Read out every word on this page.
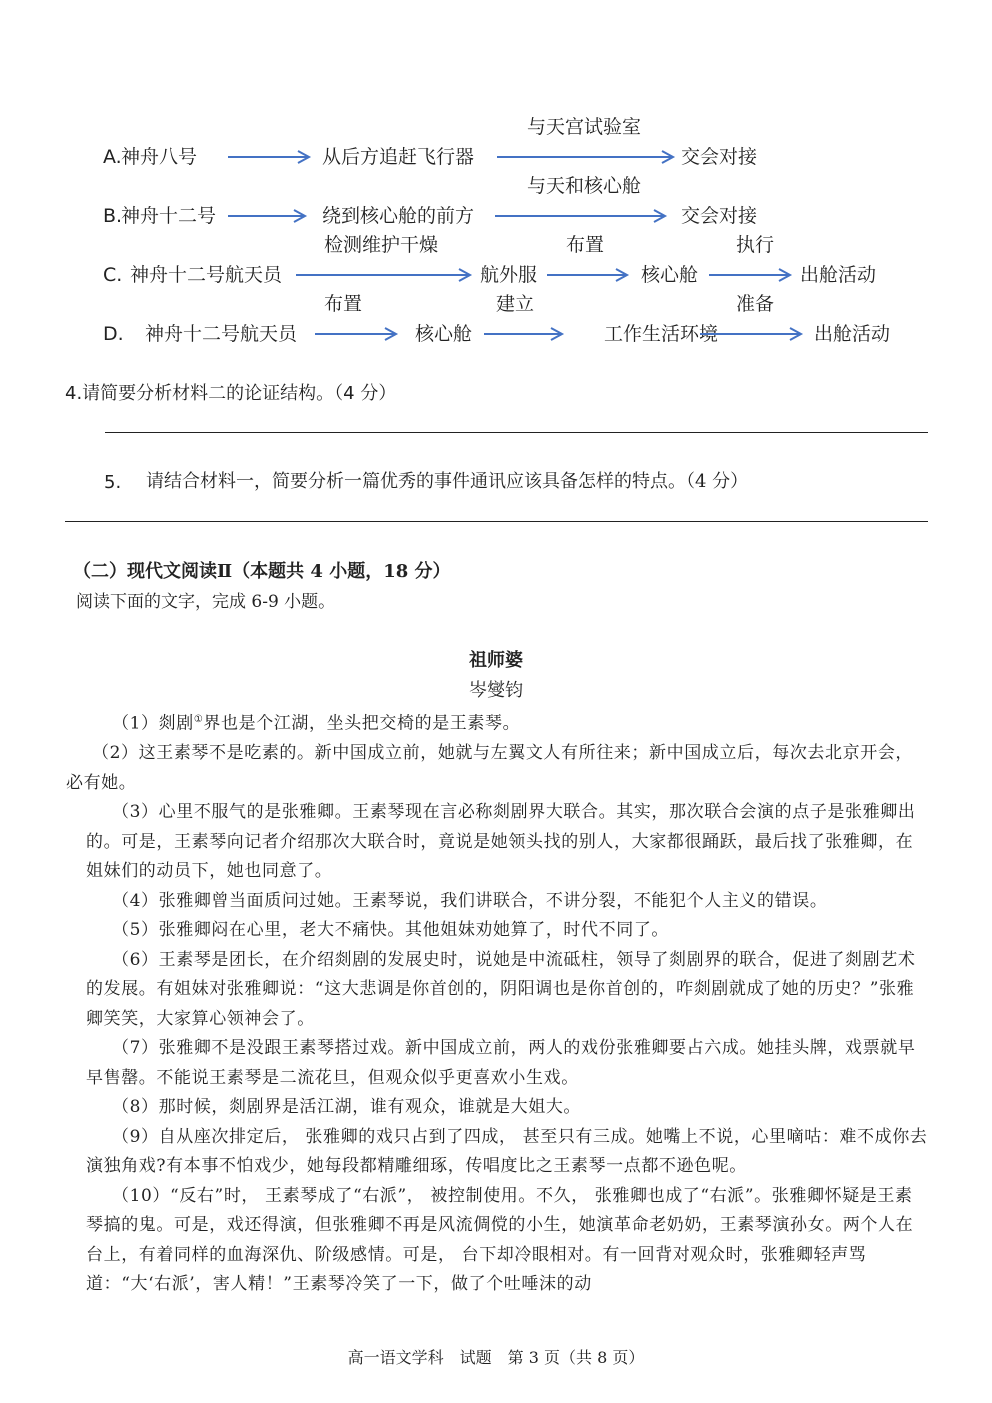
A. 神舟八号	从后方追赶飞行器	交会对接
与天宫试验室
B.
神舟十二号	绕到核心舱的前方	交会对接
与天和核心舱
C. 神舟十二号航天员	航外服	核心舱	出舱活动
检测维护干燥	布置	执行
D. 神舟十二号航天员	核心舱	工作生活环境	出舱活动
布置	建立	准备
4.请简要分析材料二的论证结构。（4 分）
5. 请结合材料一，简要分析一篇优秀的事件通讯应该具备怎样的特点。（4 分）
（二）现代文阅读Ⅱ（本题共 4 小题，18 分）
阅读下面的文字，完成 6-9 小题。
祖师婆
岑燮钧

（1）剡剧①界也是个江湖，坐头把交椅的是王素琴。

（2）这王素琴不是吃素的。新中国成立前，她就与左翼文人有所往来；新中国成立后，每次去北京开会，必有她。

（3）心里不服气的是张雅卿。王素琴现在言必称剡剧界大联合。其实，那次联合会演的点子是张雅卿出的。可是，王素琴向记者介绍那次大联合时，竟说是她领头找的别人，大家都很踊跃，最后找了张雅卿，在姐妹们的动员下，她也同意了。

（4）张雅卿曾当面质问过她。王素琴说，我们讲联合，不讲分裂，不能犯个人主义的错误。

（5）张雅卿闷在心里，老大不痛快。其他姐妹劝她算了，时代不同了。

（6）王素琴是团长，在介绍剡剧的发展史时，说她是中流砥柱，领导了剡剧界的联合，促进了剡剧艺术的发展。有姐妹对张雅卿说：“这大悲调是你首创的，阴阳调也是你首创的，咋剡剧就成了她的历史？”张雅卿笑笑，大家算心领神会了。

（7）张雅卿不是没跟王素琴搭过戏。新中国成立前，两人的戏份张雅卿要占六成。她挂头牌，戏票就早早售罄。不能说王素琴是二流花旦，但观众似乎更喜欢小生戏。

（8）那时候，剡剧界是活江湖，谁有观众，谁就是大姐大。

（9）自从座次排定后， 张雅卿的戏只占到了四成， 甚至只有三成。她嘴上不说，心里嘀咕：难不成你去演独角戏?有本事不怕戏少，她每段都精雕细琢，传唱度比之王素琴一点都不逊色呢。

（10）“反右”时， 王素琴成了“右派”， 被控制使用。不久， 张雅卿也成了“右派”。张雅卿怀疑是王素琴搞的鬼。可是，戏还得演，但张雅卿不再是风流倜傥的小生，她演革命老奶奶，王素琴演孙女。两个人在台上，有着同样的血海深仇、阶级感情。可是， 台下却冷眼相对。有一回背对观众时，张雅卿轻声骂道：“大‘右派’，害人精！”王素琴冷笑了一下，做了个吐唾沫的动

高一语文学科　试题　第 3 页（共 8 页）
